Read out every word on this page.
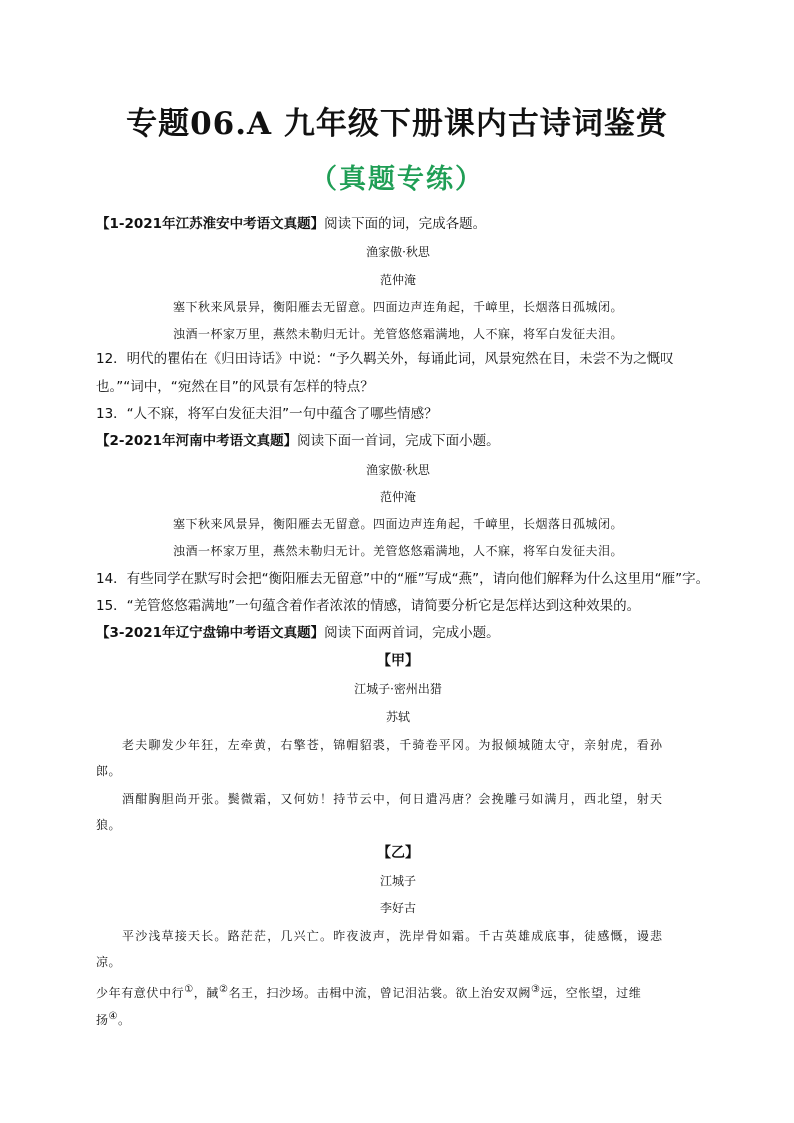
专题06.A 九年级下册课内古诗词鉴赏
（真题专练）
【1-2021年江苏淮安中考语文真题】阅读下面的词，完成各题。
渔家傲·秋思
范仲淹
塞下秋来风景异，衡阳雁去无留意。四面边声连角起，千嶂里，长烟落日孤城闭。
浊酒一杯家万里，燕然未勒归无计。羌管悠悠霜满地，人不寐，将军白发征夫泪。
12．明代的瞿佑在《归田诗话》中说：“予久羁关外，每诵此词，风景宛然在目，未尝不为之慨叹
也。”“词中，“宛然在目”的风景有怎样的特点？
13．“人不寐，将军白发征夫泪”一句中蕴含了哪些情感？
【2-2021年河南中考语文真题】阅读下面一首词，完成下面小题。
渔家傲·秋思
范仲淹
塞下秋来风景异，衡阳雁去无留意。四面边声连角起，千嶂里，长烟落日孤城闭。
浊酒一杯家万里，燕然未勒归无计。羌管悠悠霜满地，人不寐，将军白发征夫泪。
14．有些同学在默写时会把“衡阳雁去无留意”中的“雁”写成“燕”，请向他们解释为什么这里用“雁”字。
15．“羌管悠悠霜满地”一句蕴含着作者浓浓的情感，请简要分析它是怎样达到这种效果的。
【3-2021年辽宁盘锦中考语文真题】阅读下面两首词，完成小题。
【甲】
江城子·密州出猎
苏轼
老夫聊发少年狂，左牵黄，右擎苍，锦帽貂裘，千骑卷平冈。为报倾城随太守，亲射虎，看孙
郎。
酒酣胸胆尚开张。鬓微霜，又何妨！持节云中，何日遣冯唐？会挽雕弓如满月，西北望，射天
狼。
【乙】
江城子
李好古
平沙浅草接天长。路茫茫，几兴亡。昨夜波声，洗岸骨如霜。千古英雄成底事，徒感慨，谩悲
凉。
少年有意伏中行①，馘②名王，扫沙场。击楫中流，曾记泪沾裳。欲上治安双阙③远，空怅望，过维
扬④。
